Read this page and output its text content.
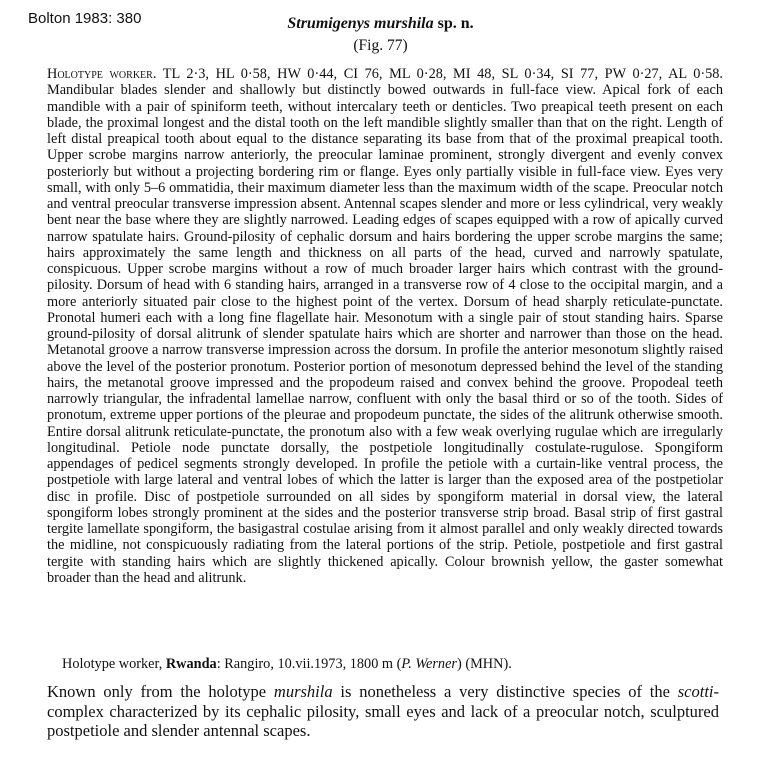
Bolton 1983: 380	Strumigenys murshila sp. n.
(Fig. 77)

Holotype worker. TL 2·3, HL 0·58, HW 0·44, CI 76, ML 0·28, MI 48, SL 0·34, SI 77, PW 0·27, AL 0·58. Mandibular blades slender and shallowly but distinctly bowed outwards in full-face view. Apical fork of each mandible with a pair of spiniform teeth, without intercalary teeth or denticles. Two preapical teeth present on each blade, the proximal longest and the distal tooth on the left mandible slightly smaller than that on the right. Length of left distal preapical tooth about equal to the distance separating its base from that of the proximal preapical tooth. Upper scrobe margins narrow anteriorly, the preocular laminae prominent, strongly divergent and evenly convex posteriorly but without a projecting bordering rim or flange. Eyes only partially visible in full-face view. Eyes very small, with only 5–6 ommatidia, their maximum diameter less than the maximum width of the scape. Preocular notch and ventral preocular transverse impression absent. Antennal scapes slender and more or less cylindrical, very weakly bent near the base where they are slightly narrowed. Leading edges of scapes equipped with a row of apically curved narrow spatulate hairs. Ground-pilosity of cephalic dorsum and hairs bordering the upper scrobe margins the same; hairs approximately the same length and thickness on all parts of the head, curved and narrowly spatulate, conspicuous. Upper scrobe margins without a row of much broader larger hairs which contrast with the ground-pilosity. Dorsum of head with 6 standing hairs, arranged in a transverse row of 4 close to the occipital margin, and a more anteriorly situated pair close to the highest point of the vertex. Dorsum of head sharply reticulate-punctate. Pronotal humeri each with a long fine flagellate hair. Mesonotum with a single pair of stout standing hairs. Sparse ground-pilosity of dorsal alitrunk of slender spatulate hairs which are shorter and narrower than those on the head. Metanotal groove a narrow transverse impression across the dorsum. In profile the anterior mesonotum slightly raised above the level of the posterior pronotum. Posterior portion of mesonotum depressed behind the level of the standing hairs, the metanotal groove impressed and the propodeum raised and convex behind the groove. Propodeal teeth narrowly triangular, the infradental lamellae narrow, confluent with only the basal third or so of the tooth. Sides of pronotum, extreme upper portions of the pleurae and propodeum punctate, the sides of the alitrunk otherwise smooth. Entire dorsal alitrunk reticulate-punctate, the pronotum also with a few weak overlying rugulae which are irregularly longitudinal. Petiole node punctate dorsally, the postpetiole longitudinally costulate-rugulose. Spongiform appendages of pedicel segments strongly developed. In profile the petiole with a curtain-like ventral process, the postpetiole with large lateral and ventral lobes of which the latter is larger than the exposed area of the postpetiolar disc in profile. Disc of postpetiole surrounded on all sides by spongiform material in dorsal view, the lateral spongiform lobes strongly prominent at the sides and the posterior transverse strip broad. Basal strip of first gastral tergite lamellate spongiform, the basigastral costulae arising from it almost parallel and only weakly directed towards the midline, not conspicuously radiating from the lateral portions of the strip. Petiole, postpetiole and first gastral tergite with standing hairs which are slightly thickened apically. Colour brownish yellow, the gaster somewhat broader than the head and alitrunk.

Holotype worker, Rwanda: Rangiro, 10.vii.1973, 1800 m (P. Werner) (MHN).

Known only from the holotype murshila is nonetheless a very distinctive species of the scotti-complex characterized by its cephalic pilosity, small eyes and lack of a preocular notch, sculptured postpetiole and slender antennal scapes.
